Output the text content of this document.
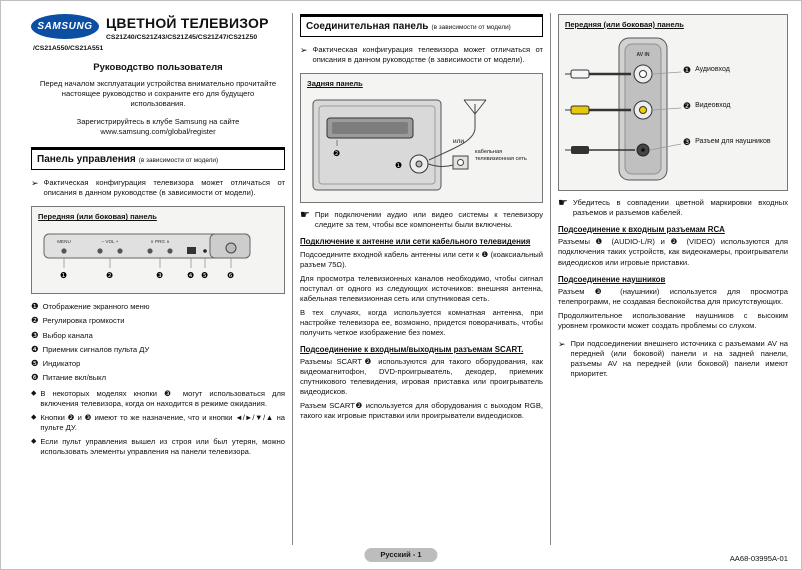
SAMSUNG ЦВЕТНОЙ ТЕЛЕВИЗОР
CS21Z40/CS21Z43/CS21Z45/CS21Z47/CS21Z50
/CS21A550/CS21A551
Руководство пользователя
Перед началом эксплуатации устройства внимательно прочитайте настоящее руководство и сохраните его для будущего использования.
Зарегистрируйтесь в клубе Samsung на сайте
www.samsung.com/global/register
Панель управления (в зависимости от модели)
➢ Фактическая конфигурация телевизора может отличаться от описания в данном руководстве (в зависимости от модели).

Передняя (или боковая) панель
MENU	– VOL +	∨ PRG ∧
❶	❷	❸	❹ ❺ ❻
❶ Отображение экранного меню
❷ Регулировка громкости
❸ Выбор канала
❹ Приемник сигналов пульта ДУ
❺ Индикатор
❻ Питание вкл/выкл
◆ В некоторых моделях кнопки ❸ могут использоваться для включения телевизора, когда он находится в режиме ожидания.

◆ Кнопки ❷ и ❸ имеют то же назначение, что и кнопки ◄/►/▼/▲ на пульте ДУ.

◆ Если пульт управления вышел из строя или был утерян, можно использовать элементы управления на панели телевизора.

Соединительная панель (в зависимости от модели)
➢ Фактическая конфигурация телевизора может отличаться от описания в данном руководстве (в зависимости от модели).

Задняя панель
❷
❶
или
кабельная телевизионная сеть
☛ При подключении аудио или видео системы к телевизору следите за тем, чтобы все компоненты были включены.

Подключение к антенне или сети кабельного телевидения

Подсоедините входной кабель антенны или сети к ❶ (коаксиальный разъем 75Ω).

Для просмотра телевизионных каналов необходимо, чтобы сигнал поступал от одного из следующих источников: внешняя антенна, кабельная телевизионная сеть или спутниковая сеть.

В тех случаях, когда используется комнатная антенна, при настройке телевизора ее, возможно, придется поворачивать, чтобы получить четкое изображение без помех.

Подсоединение к входным/выходным разъемам SCART.

Разъемы SCART❷ используются для такого оборудования, как видеомагнитофон, DVD-проигрыватель, декодер, приемник спутникового телевидения, игровая приставка или проигрыватель видеодисков.

Разъем SCART❷ используется для оборудования с выходом RGB, такого как игровые приставки или проигрыватели видеодисков.

Передняя (или боковая) панель
AV IN
❶ Аудиовход
❷ Видеовход
❸ Разъем для наушников
☛ Убедитесь в совпадении цветной маркировки входных разъемов и разъемов кабелей.

Подсоединение к входным разъемам RCA

Разъемы ❶ (AUDIO-L/R) и ❷ (VIDEO) используются для подключения таких устройств, как видеокамеры, проигрыватели видеодисков или игровые приставки.

Подсоединение наушников

Разъем ❸ (наушники) используется для просмотра телепрограмм, не создавая беспокойства для присутствующих.

Продолжительное использование наушников с высоким уровнем громкости может создать проблемы со слухом.

➢ При подсоединении внешнего источника с разъемами AV на передней (или боковой) панели и на задней панели, разъемы AV на передней (или боковой) панели имеют приоритет.

Русский - 1	AA68-03995A-01
